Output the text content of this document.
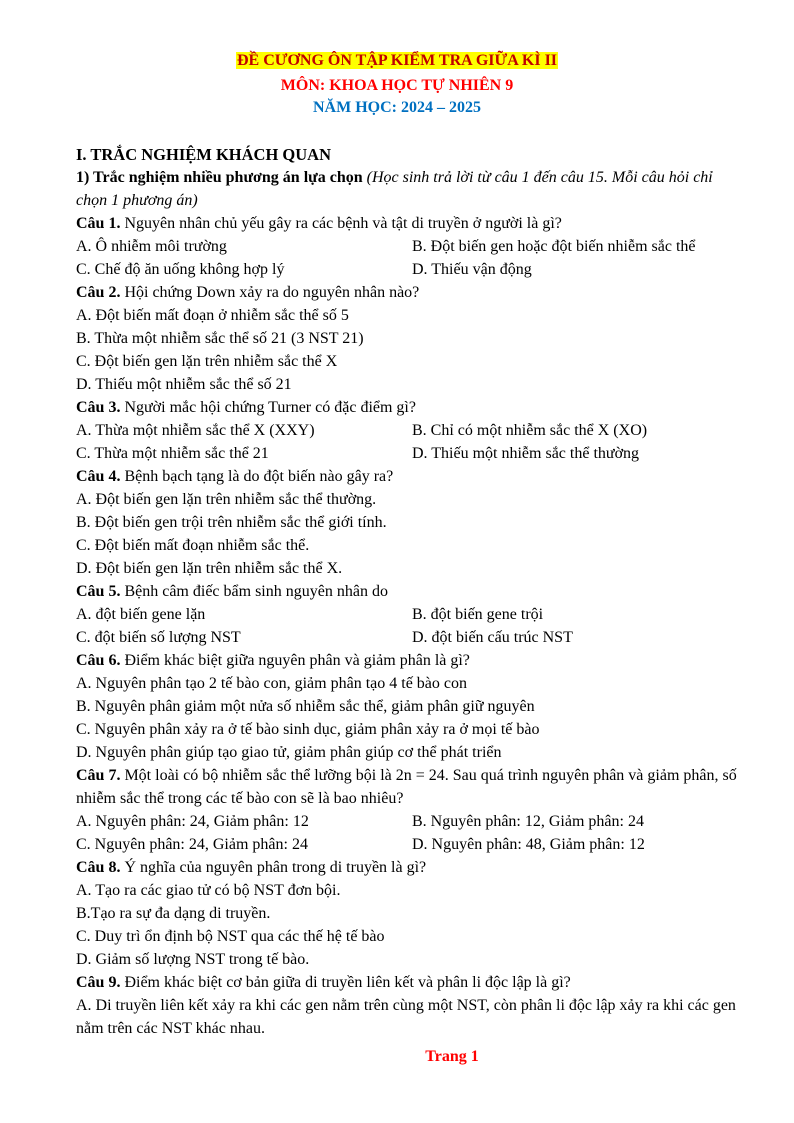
ĐỀ CƯƠNG ÔN TẬP KIỂM TRA GIỮA KÌ II
MÔN: KHOA HỌC TỰ NHIÊN 9
NĂM HỌC: 2024 – 2025
I. TRẮC NGHIỆM KHÁCH QUAN
1) Trắc nghiệm nhiều phương án lựa chọn (Học sinh trả lời từ câu 1 đến câu 15. Mỗi câu hỏi chỉ chọn 1 phương án)
Câu 1. Nguyên nhân chủ yếu gây ra các bệnh và tật di truyền ở người là gì?
A. Ô nhiễm môi trường	B. Đột biến gen hoặc đột biến nhiễm sắc thể
C. Chế độ ăn uống không hợp lý	D. Thiếu vận động
Câu 2. Hội chứng Down xảy ra do nguyên nhân nào?
A. Đột biến mất đoạn ở nhiễm sắc thể số 5
B. Thừa một nhiễm sắc thể số 21 (3 NST 21)
C. Đột biến gen lặn trên nhiễm sắc thể X
D. Thiếu một nhiễm sắc thể số 21
Câu 3. Người mắc hội chứng Turner có đặc điểm gì?
A. Thừa một nhiễm sắc thể X (XXY)	B. Chỉ có một nhiễm sắc thể X (XO)
C. Thừa một nhiễm sắc thể 21	D. Thiếu một nhiễm sắc thể thường
Câu 4. Bệnh bạch tạng là do đột biến nào gây ra?
A. Đột biến gen lặn trên nhiễm sắc thể thường.
B. Đột biến gen trội trên nhiễm sắc thể giới tính.
C. Đột biến mất đoạn nhiễm sắc thể.
D. Đột biến gen lặn trên nhiễm sắc thể X.
Câu 5. Bệnh câm điếc bẩm sinh nguyên nhân do
A. đột biến gene lặn	B. đột biến gene trội
C. đột biến số lượng NST	D. đột biến cấu trúc NST
Câu 6. Điểm khác biệt giữa nguyên phân và giảm phân là gì?
A. Nguyên phân tạo 2 tế bào con, giảm phân tạo 4 tế bào con
B. Nguyên phân giảm một nửa số nhiễm sắc thể, giảm phân giữ nguyên
C. Nguyên phân xảy ra ở tế bào sinh dục, giảm phân xảy ra ở mọi tế bào
D. Nguyên phân giúp tạo giao tử, giảm phân giúp cơ thể phát triển
Câu 7. Một loài có bộ nhiễm sắc thể lưỡng bội là 2n = 24. Sau quá trình nguyên phân và giảm phân, số nhiễm sắc thể trong các tế bào con sẽ là bao nhiêu?
A. Nguyên phân: 24, Giảm phân: 12	B. Nguyên phân: 12, Giảm phân: 24
C. Nguyên phân: 24, Giảm phân: 24	D. Nguyên phân: 48, Giảm phân: 12
Câu 8. Ý nghĩa của nguyên phân trong di truyền là gì?
A. Tạo ra các giao tử có bộ NST đơn bội.
B.Tạo ra sự đa dạng di truyền.
C. Duy trì ổn định bộ NST qua các thế hệ tế bào
D. Giảm số lượng NST trong tế bào.
Câu 9. Điểm khác biệt cơ bản giữa di truyền liên kết và phân li độc lập là gì?
A. Di truyền liên kết xảy ra khi các gen nằm trên cùng một NST, còn phân li độc lập xảy ra khi các gen nằm trên các NST khác nhau.
Trang 1
